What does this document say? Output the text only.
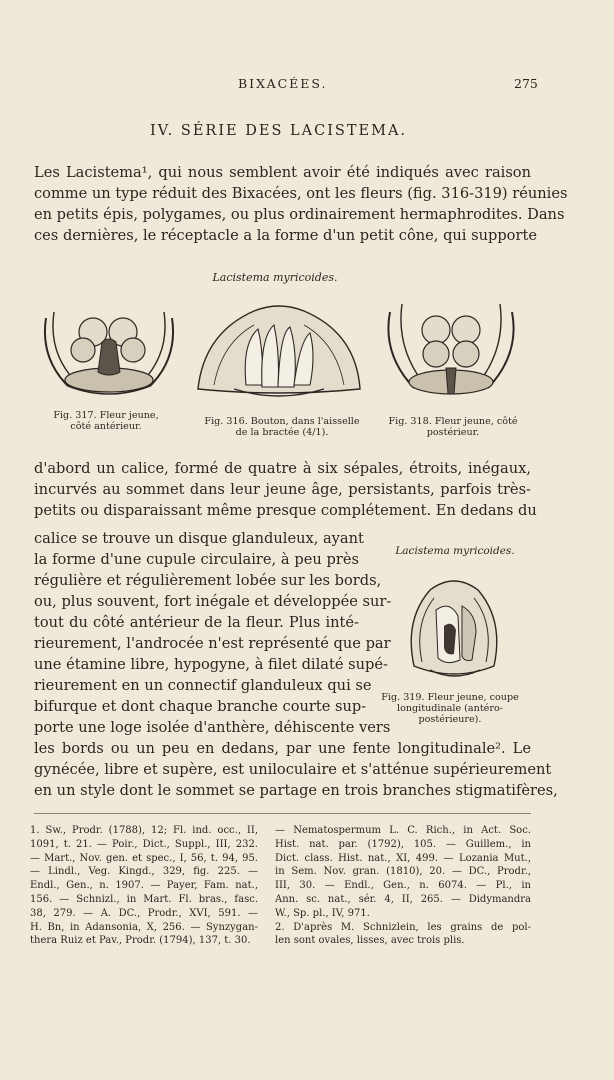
BIXACÉES.	275
IV. SÉRIE DES LACISTEMA.
Les Lacistema¹, qui nous semblent avoir été indiqués avec raison
comme un type réduit des Bixacées, ont les fleurs (fig. 316-319) réunies
en petits épis, polygames, ou plus ordinairement hermaphrodites. Dans
ces dernières, le réceptacle a la forme d'un petit cône, qui supporte
Lacistema myricoides.
Fig. 317. Fleur jeune,
côté antérieur.	Fig. 316. Bouton, dans l'aisselle
de la bractée (4/1).
Fig. 318. Fleur jeune, côté
postérieur.
d'abord un calice, formé de quatre à six sépales, étroits, inégaux,
incurvés au sommet dans leur jeune âge, persistants, parfois très-
petits ou disparaissant même presque complétement. En dedans du
calice se trouve un disque glanduleux, ayant
la forme d'une cupule circulaire, à peu près
régulière et régulièrement lobée sur les bords,
ou, plus souvent, fort inégale et développée sur-
tout du côté antérieur de la fleur. Plus inté-
rieurement, l'androcée n'est représenté que par
une étamine libre, hypogyne, à filet dilaté supé-
rieurement en un connectif glanduleux qui se
bifurque et dont chaque branche courte sup-
porte une loge isolée d'anthère, déhiscente vers
Lacistema myricoides.
Fig. 319. Fleur jeune, coupe
longitudinale (antéro-postérieure).
les bords ou un peu en dedans, par une fente longitudinale². Le
gynécée, libre et supère, est uniloculaire et s'atténue supérieurement
en un style dont le sommet se partage en trois branches stigmatifères,
1. Sw., Prodr. (1788), 12; Fl. ind. occ., II,
1091, t. 21. — Poir., Dict., Suppl., III, 232.
— Mart., Nov. gen. et spec., I, 56, t. 94, 95.
— Lindl., Veg. Kingd., 329, fig. 225. —
Endl., Gen., n. 1907. — Payer, Fam. nat.,
156. — Schnizl., in Mart. Fl. bras., fasc.
38, 279. — A. DC., Prodr., XVI, 591. —
H. Bn, in Adansonia, X, 256. — Synzygan-
thera Ruiz et Pav., Prodr. (1794), 137, t. 30.
— Nematospermum L. C. Rich., in Act. Soc.
Hist. nat. par. (1792), 105. — Guillem., in
Dict. class. Hist. nat., XI, 499. — Lozania Mut.,
in Sem. Nov. gran. (1810), 20. — DC., Prodr.,
III, 30. — Endl., Gen., n. 6074. — Pl., in
Ann. sc. nat., sér. 4, II, 265. — Didymandra
W., Sp. pl., IV, 971.
2. D'après M. Schnizlein, les grains de pol-
len sont ovales, lisses, avec trois plis.
